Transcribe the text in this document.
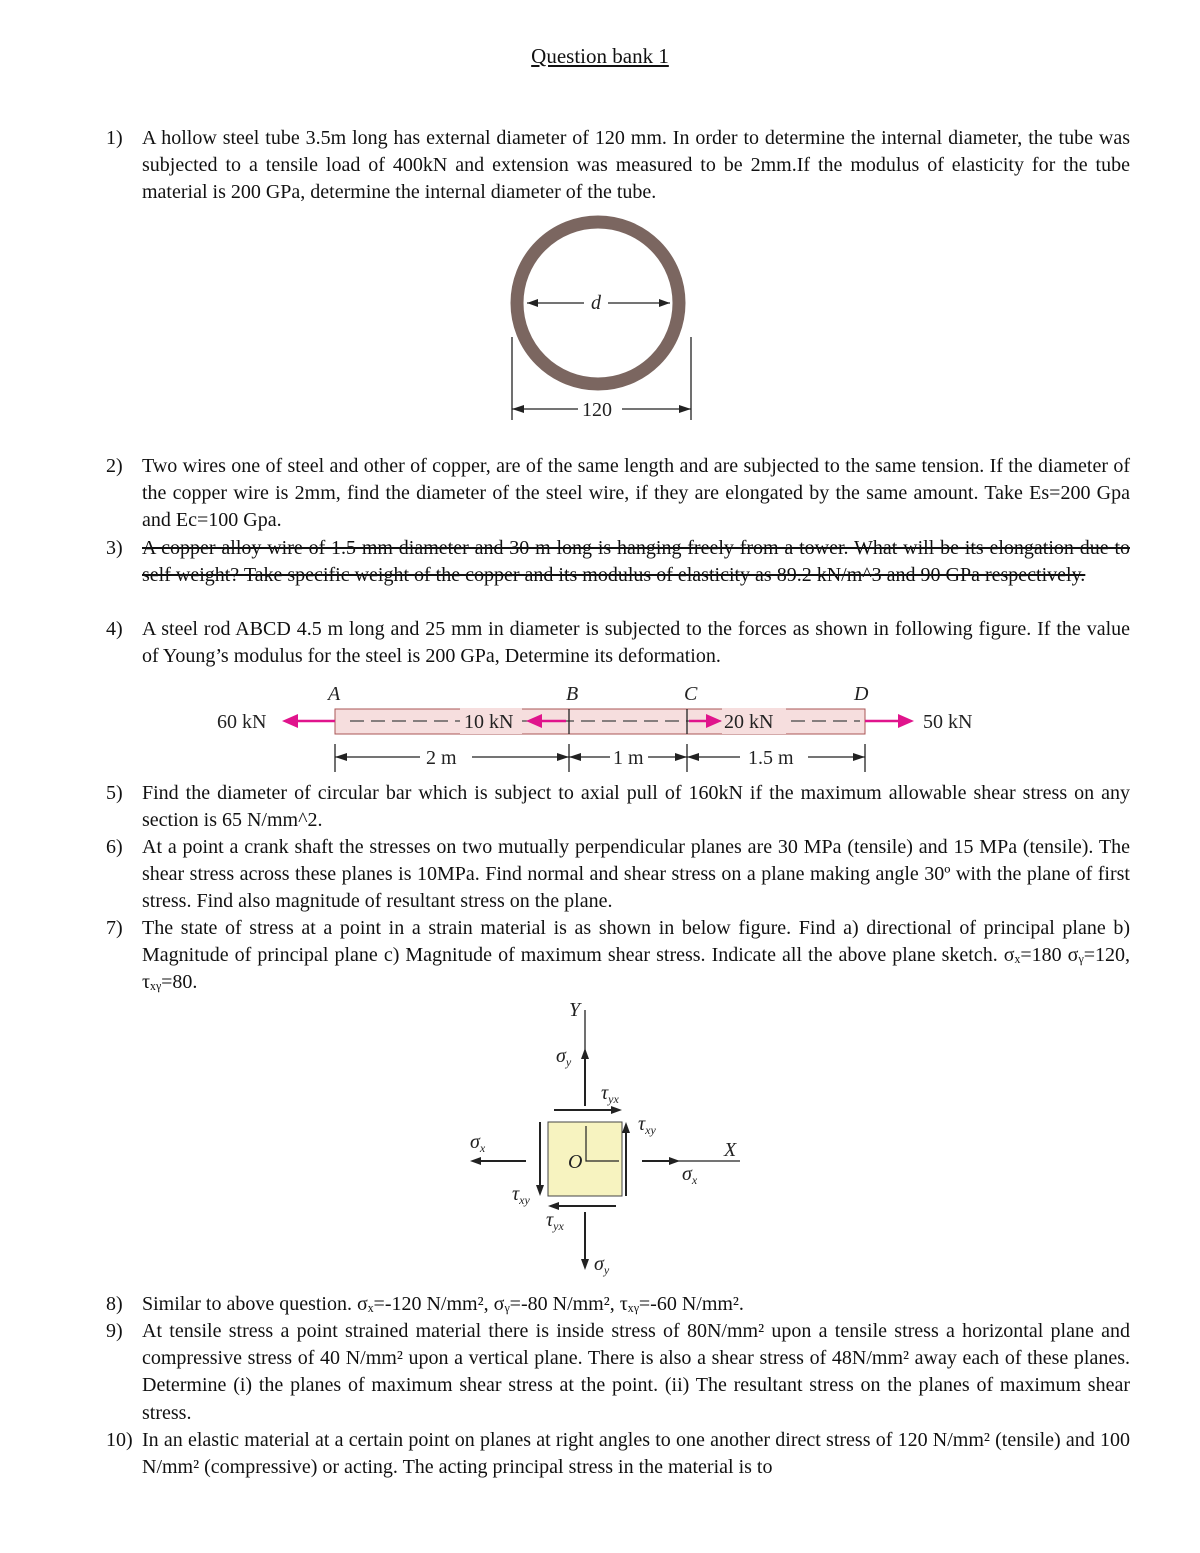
Question bank 1
1) A hollow steel tube 3.5m long has external diameter of 120 mm. In order to determine the internal diameter, the tube was subjected to a tensile load of 400kN and extension was measured to be 2mm.If the modulus of elasticity for the tube material is 200 GPa, determine the internal diameter of the tube.
d
120
2) Two wires one of steel and other of copper, are of the same length and are subjected to the same tension. If the diameter of the copper wire is 2mm, find the diameter of the steel wire, if they are elongated by the same amount. Take Es=200 Gpa and Ec=100 Gpa.
3) A copper alloy wire of 1.5 mm diameter and 30 m long is hanging freely from a tower. What will be its elongation due to self weight? Take specific weight of the copper and its modulus of elasticity as 89.2 kN/m^3 and 90 GPa respectively.
4) A steel rod ABCD 4.5 m long and 25 mm in diameter is subjected to the forces as shown in following figure. If the value of Young’s modulus for the steel is 200 GPa, Determine its deformation.
A	B	C	D
60 kN	10 kN	20 kN	50 kN
2 m	1 m	1.5 m
5) Find the diameter of circular bar which is subject to axial pull of 160kN if the maximum allowable shear stress on any section is 65 N/mm^2.
6) At a point a crank shaft the stresses on two mutually perpendicular planes are 30 MPa (tensile) and 15 MPa (tensile). The shear stress across these planes is 10MPa. Find normal and shear stress on a plane making angle 30º with the plane of first stress. Find also magnitude of resultant stress on the plane.
7) The state of stress at a point in a strain material is as shown in below figure. Find a) directional of principal plane b) Magnitude of principal plane c) Magnitude of maximum shear stress. Indicate all the above plane sketch. σₓ=180 σᵧ=120, τₓᵧ=80.
Y
X
O
$\sigma_y$
$\tau_{yx}$
$\tau_{xy}$
$\sigma_x$
$\sigma_x$
$\tau_{xy}$
$\tau_{yx}$
$\sigma_y$
8) Similar to above question. σₓ=-120 N/mm², σᵧ=-80 N/mm², τₓᵧ=-60 N/mm².
9) At tensile stress a point strained material there is inside stress of 80N/mm² upon a tensile stress a horizontal plane and compressive stress of 40 N/mm² upon a vertical plane. There is also a shear stress of 48N/mm² away each of these planes. Determine (i) the planes of maximum shear stress at the point. (ii) The resultant stress on the planes of maximum shear stress.
10) In an elastic material at a certain point on planes at right angles to one another direct stress of 120 N/mm² (tensile) and 100 N/mm² (compressive) or acting. The acting principal stress in the material is to
